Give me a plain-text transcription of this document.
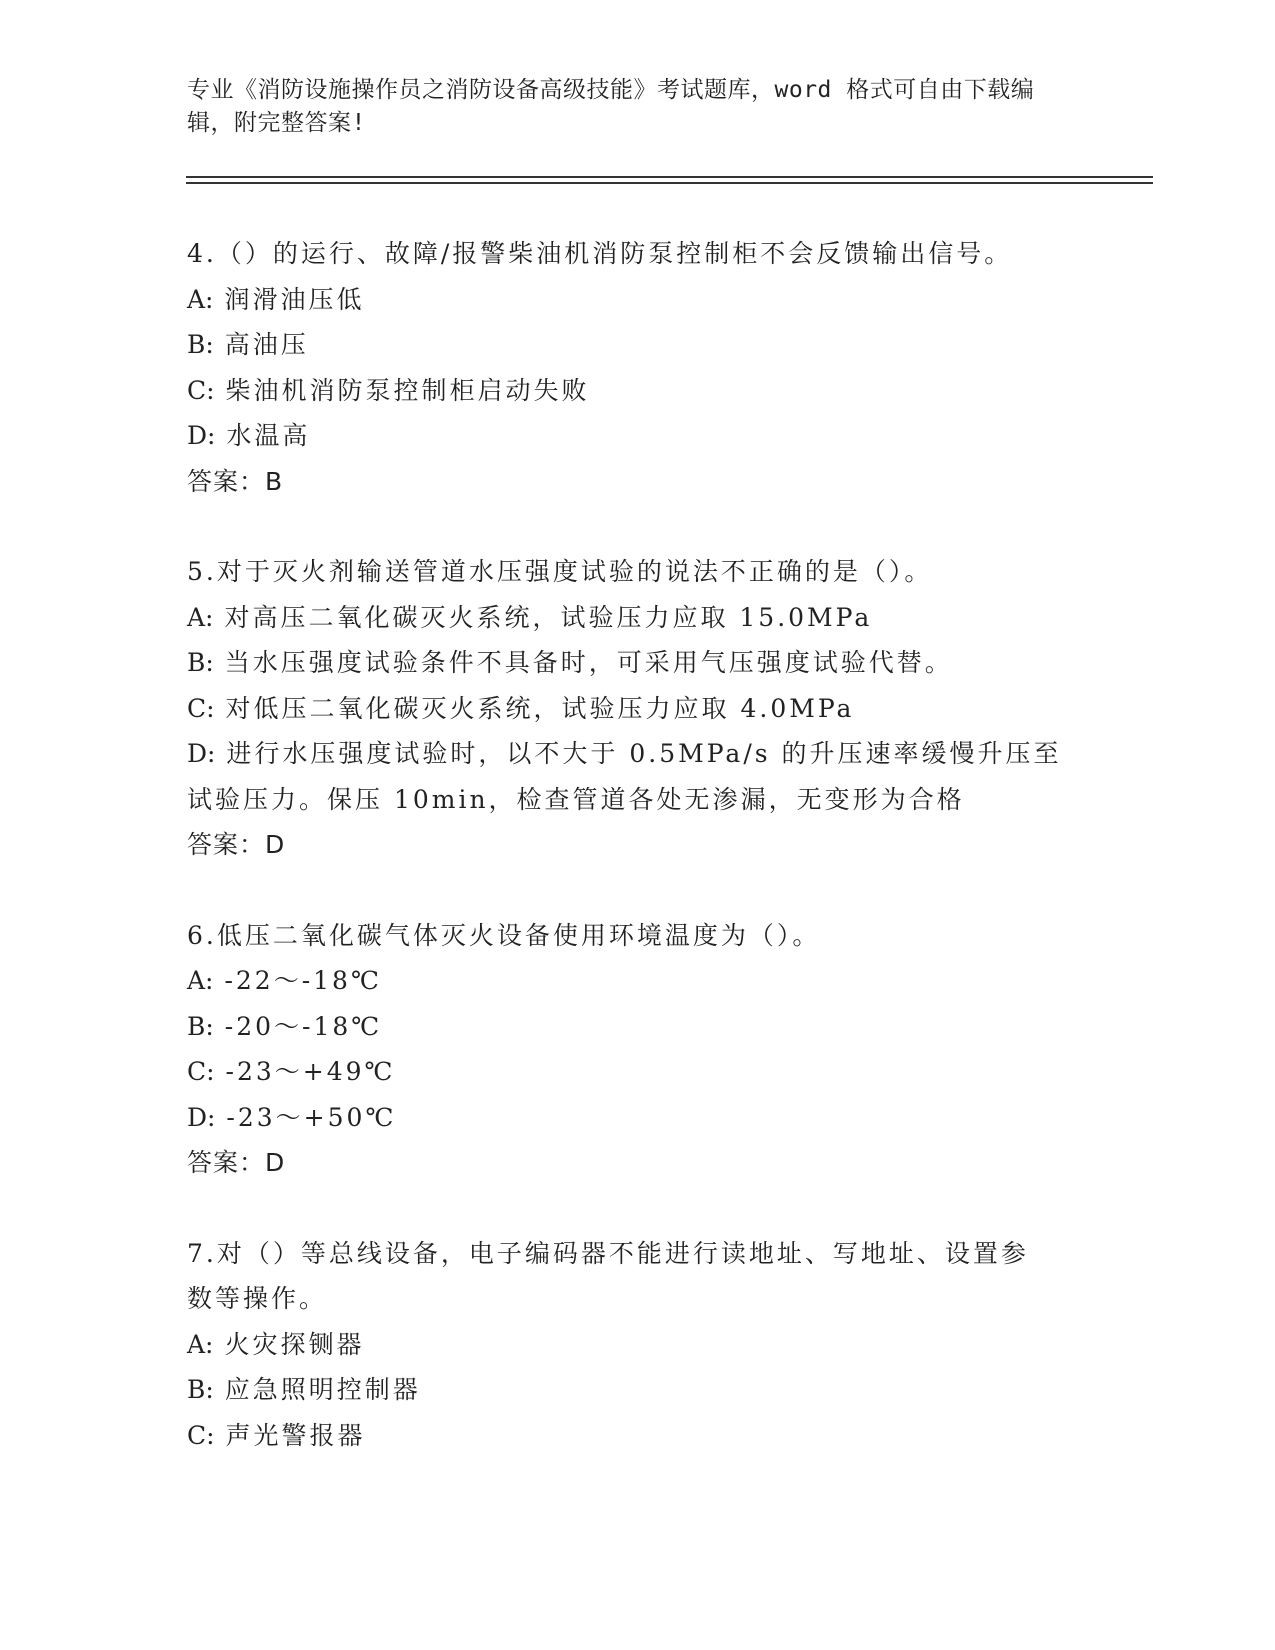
专业《消防设施操作员之消防设备高级技能》考试题库，word 格式可自由下载编
辑，附完整答案!
4.（）的运行、故障/报警柴油机消防泵控制柜不会反馈输出信号。
A: 润滑油压低
B: 高油压
C: 柴油机消防泵控制柜启动失败
D: 水温高
答案：B
5.对于灭火剂输送管道水压强度试验的说法不正确的是（）。
A: 对高压二氧化碳灭火系统，试验压力应取 15.0MPa
B: 当水压强度试验条件不具备时，可采用气压强度试验代替。
C: 对低压二氧化碳灭火系统，试验压力应取 4.0MPa
D: 进行水压强度试验时，以不大于 0.5MPa/s 的升压速率缓慢升压至
试验压力。保压 10min，检查管道各处无渗漏，无变形为合格
答案：D
6.低压二氧化碳气体灭火设备使用环境温度为（）。
A: -22～-18℃
B: -20～-18℃
C: -23～+49℃
D: -23～+50℃
答案：D
7.对（）等总线设备，电子编码器不能进行读地址、写地址、设置参
数等操作。
A: 火灾探铡器
B: 应急照明控制器
C: 声光警报器
